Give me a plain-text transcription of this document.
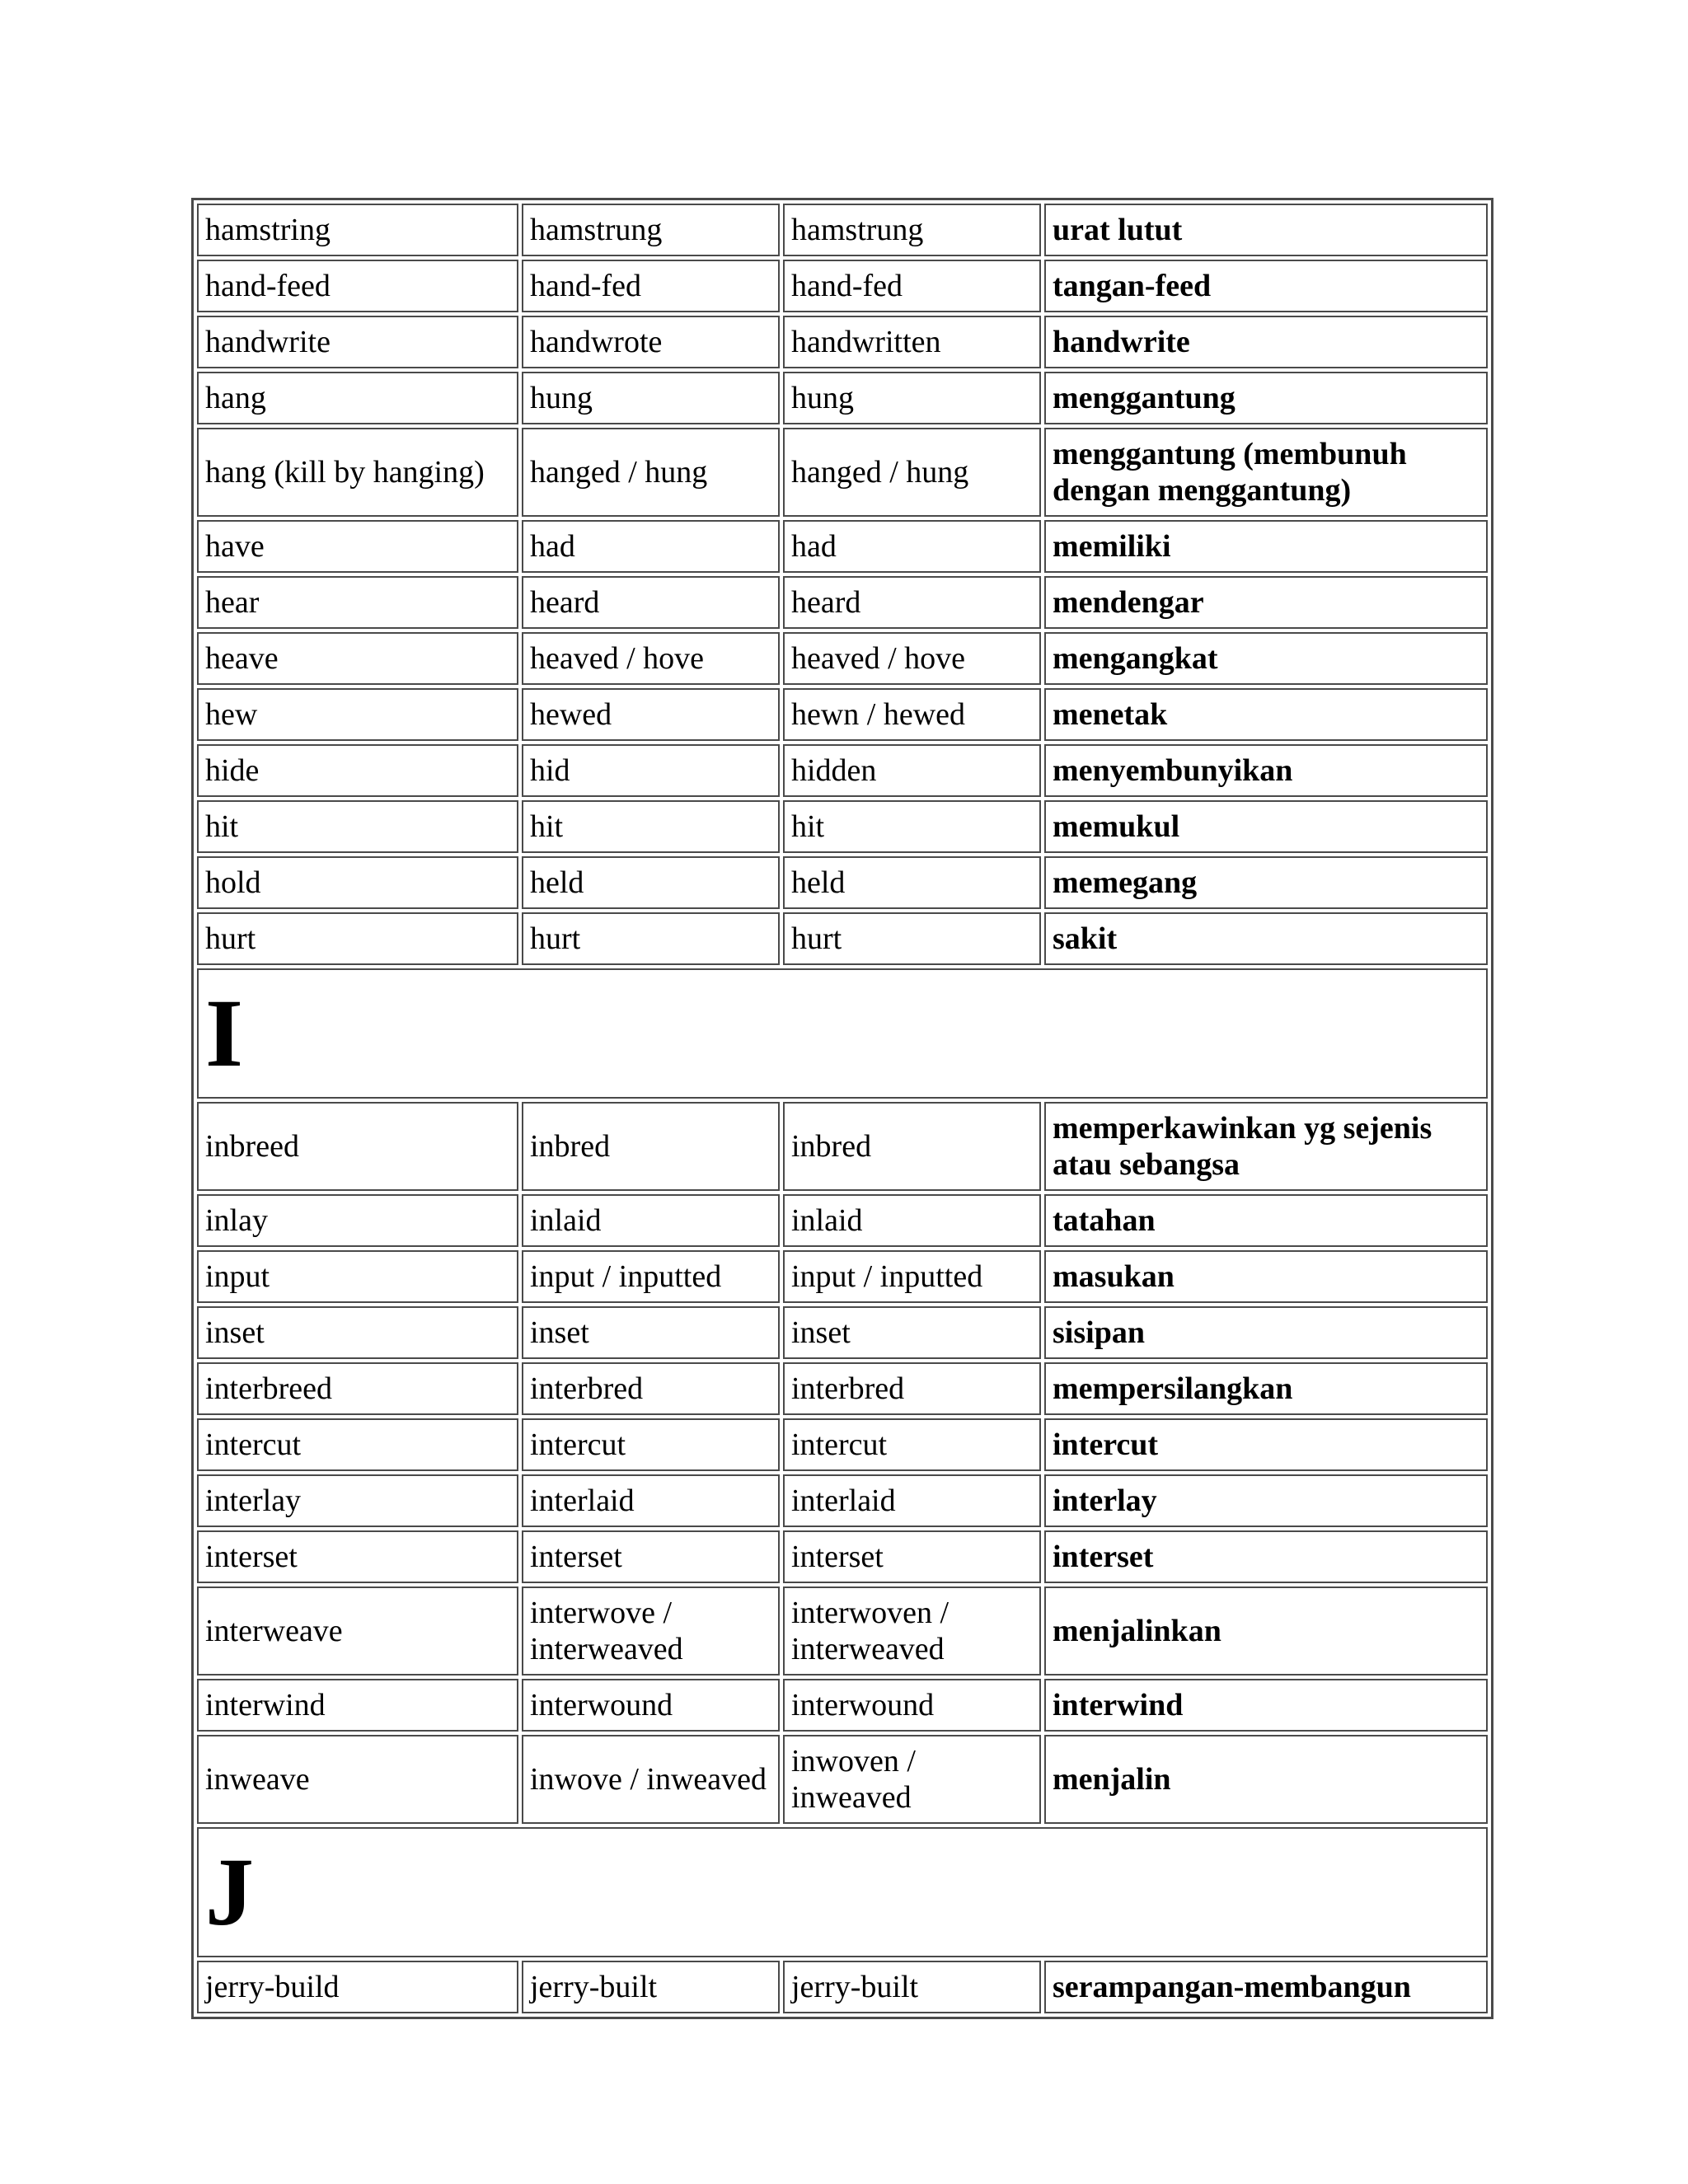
hamstring	hamstrung	hamstrung	urat lutut
hand-feed	hand-fed	hand-fed	tangan-feed
handwrite	handwrote	handwritten	handwrite
hang	hung	hung	menggantung
hang (kill by hanging)	hanged / hung	hanged / hung	menggantung (membunuh dengan menggantung)
have	had	had	memiliki
hear	heard	heard	mendengar
heave	heaved / hove	heaved / hove	mengangkat
hew	hewed	hewn / hewed	menetak
hide	hid	hidden	menyembunyikan
hit	hit	hit	memukul
hold	held	held	memegang
hurt	hurt	hurt	sakit
I			
inbreed	inbred	inbred	memperkawinkan yg sejenis atau sebangsa
inlay	inlaid	inlaid	tatahan
input	input / inputted	input / inputted	masukan
inset	inset	inset	sisipan
interbreed	interbred	interbred	mempersilangkan
intercut	intercut	intercut	intercut
interlay	interlaid	interlaid	interlay
interset	interset	interset	interset
interweave	interwove / interweaved	interwoven / interweaved	menjalinkan
interwind	interwound	interwound	interwind
inweave	inwove / inweaved	inwoven / inweaved	menjalin
J			
jerry-build	jerry-built	jerry-built	serampangan-membangun
